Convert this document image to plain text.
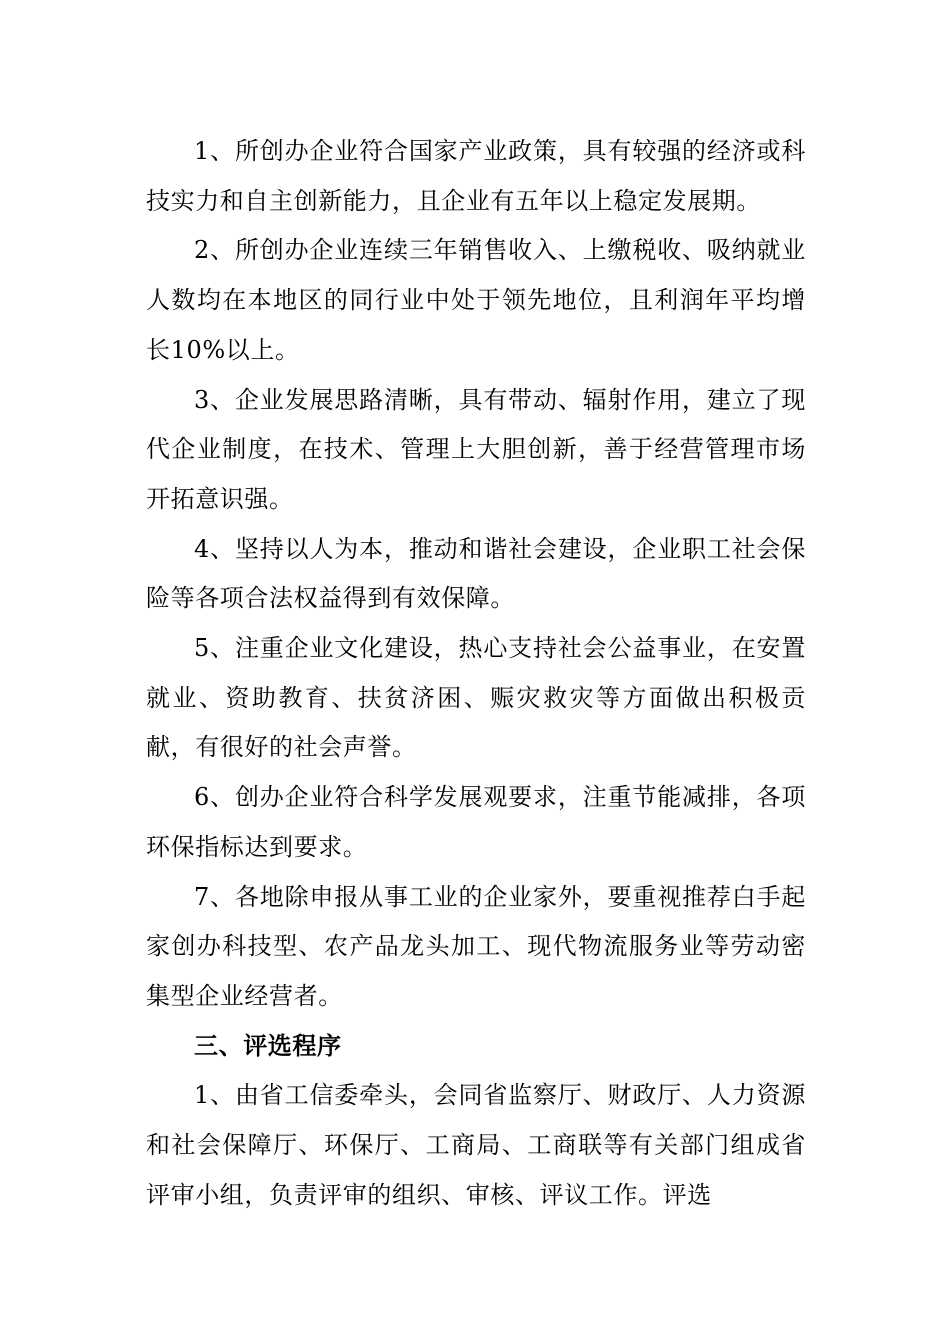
1、所创办企业符合国家产业政策，具有较强的经济或科技实力和自主创新能力，且企业有五年以上稳定发展期。

2、所创办企业连续三年销售收入、上缴税收、吸纳就业人数均在本地区的同行业中处于领先地位，且利润年平均增长10%以上。

3、企业发展思路清晰，具有带动、辐射作用，建立了现代企业制度，在技术、管理上大胆创新，善于经营管理市场开拓意识强。

4、坚持以人为本，推动和谐社会建设，企业职工社会保险等各项合法权益得到有效保障。

5、注重企业文化建设，热心支持社会公益事业，在安置就业、资助教育、扶贫济困、赈灾救灾等方面做出积极贡献，有很好的社会声誉。

6、创办企业符合科学发展观要求，注重节能减排，各项环保指标达到要求。

7、各地除申报从事工业的企业家外，要重视推荐白手起家创办科技型、农产品龙头加工、现代物流服务业等劳动密集型企业经营者。

三、评选程序

1、由省工信委牵头，会同省监察厅、财政厅、人力资源和社会保障厅、环保厅、工商局、工商联等有关部门组成省评审小组，负责评审的组织、审核、评议工作。评选
